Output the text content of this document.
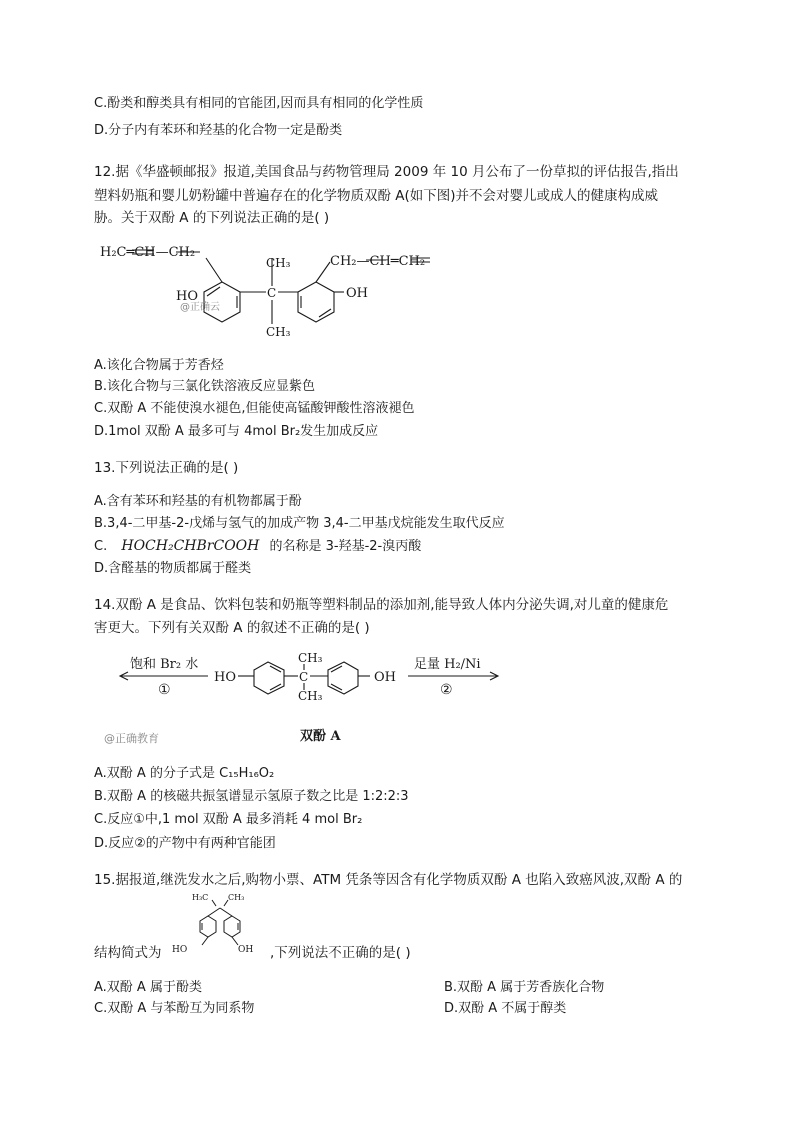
C.酚类和醇类具有相同的官能团,因而具有相同的化学性质
D.分子内有苯环和羟基的化合物一定是酚类
12.据《华盛顿邮报》报道,美国食品与药物管理局 2009 年 10 月公布了一份草拟的评估报告,指出
塑料奶瓶和婴儿奶粉罐中普遍存在的化学物质双酚 A(如下图)并不会对婴儿或成人的健康构成威
胁。关于双酚 A 的下列说法正确的是( )
H₂C═CH—CH₂
CH₃
C
CH₃
CH₂—CH═CH₂
HO	OH
@正确云
A.该化合物属于芳香烃
B.该化合物与三氯化铁溶液反应显紫色
C.双酚 A 不能使溴水褪色,但能使高锰酸钾酸性溶液褪色
D.1mol 双酚 A 最多可与 4mol Br₂发生加成反应
13.下列说法正确的是( )
A.含有苯环和羟基的有机物都属于酚
B.3,4-二甲基-2-戊烯与氢气的加成产物 3,4-二甲基戊烷能发生取代反应
C. HOCH₂CHBrCOOH 的名称是 3-羟基-2-溴丙酸
D.含醛基的物质都属于醛类
14.双酚 A 是食品、饮料包装和奶瓶等塑料制品的添加剂,能导致人体内分泌失调,对儿童的健康危
害更大。下列有关双酚 A 的叙述不正确的是( )
饱和 Br₂ 水
①
HO
CH₃
C
CH₃
OH
足量 H₂/Ni
②
@正确教育	双酚 A
A.双酚 A 的分子式是 C₁₅H₁₆O₂
B.双酚 A 的核磁共振氢谱显示氢原子数之比是 1:2:2:3
C.反应①中,1 mol 双酚 A 最多消耗 4 mol Br₂
D.反应②的产物中有两种官能团
15.据报道,继洗发水之后,购物小票、ATM 凭条等因含有化学物质双酚 A 也陷入致癌风波,双酚 A 的
H₃C CH₃
HO	OH
结构简式为	,下列说法不正确的是( )
A.双酚 A 属于酚类	B.双酚 A 属于芳香族化合物
C.双酚 A 与苯酚互为同系物	D.双酚 A 不属于醇类
